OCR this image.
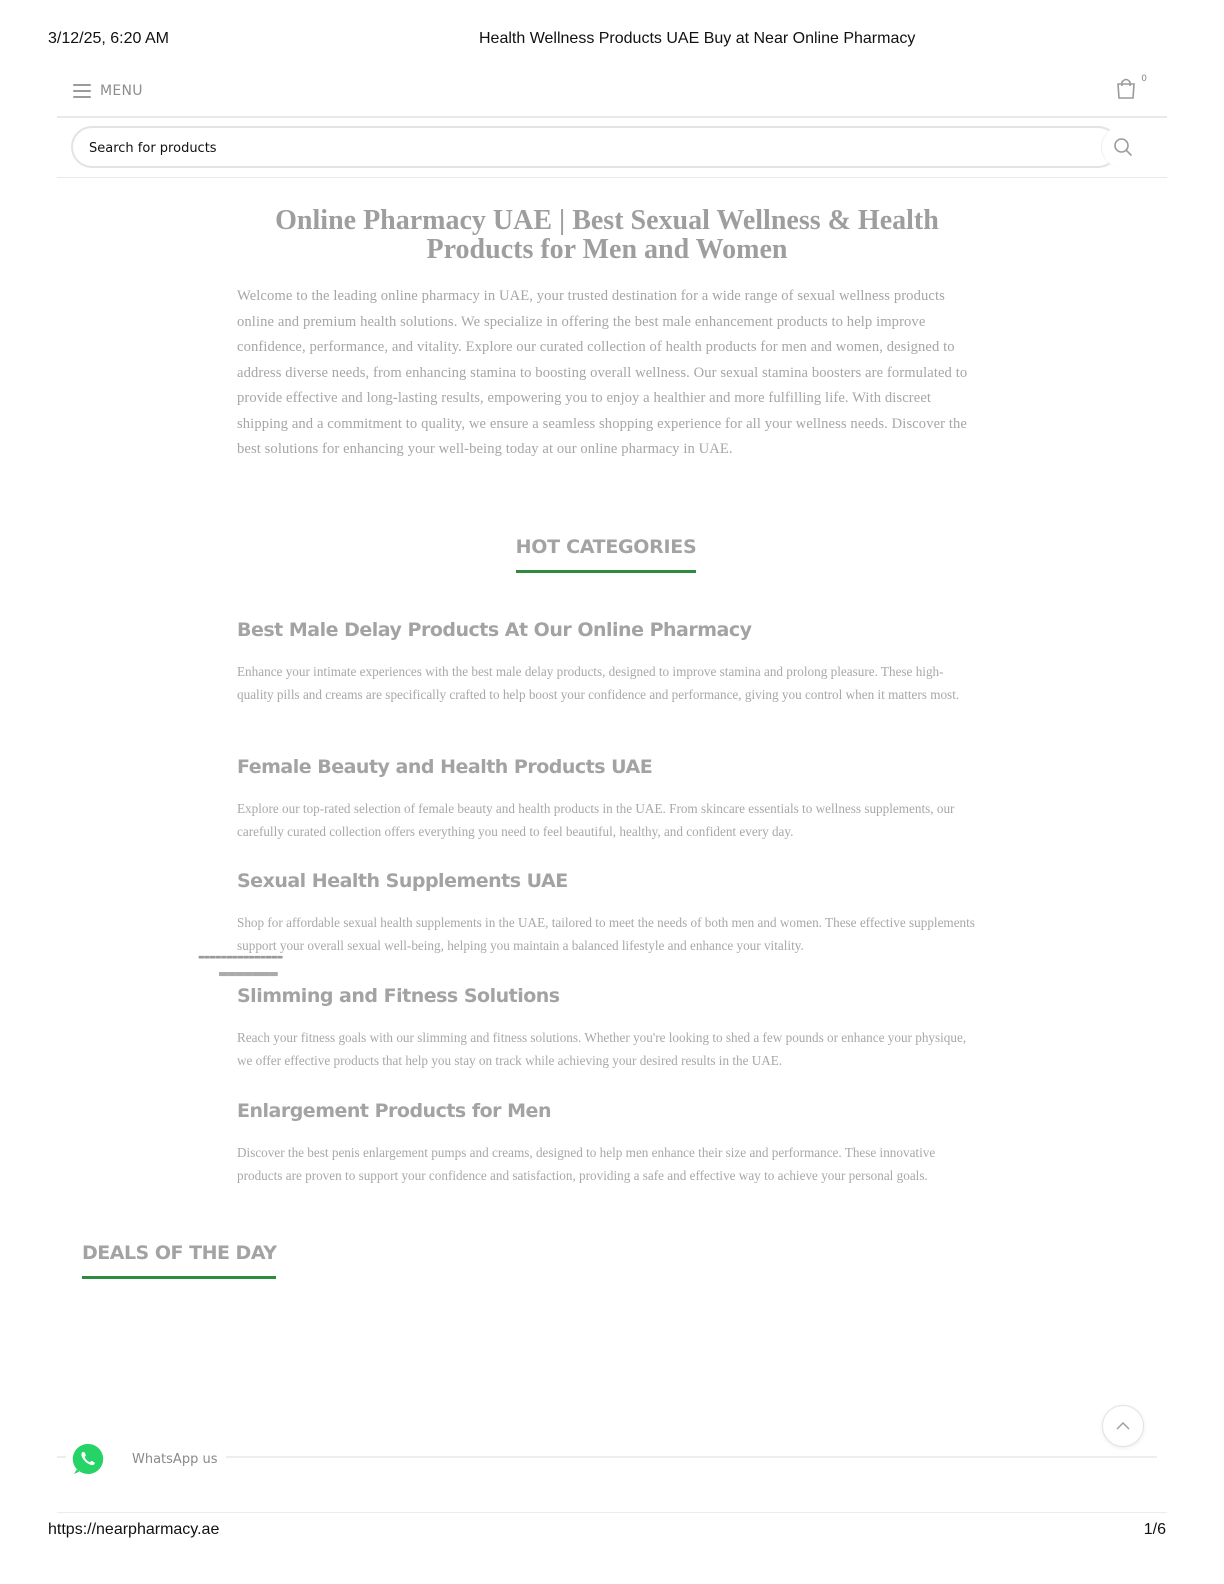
3/12/25, 6:20 AM	Health Wellness Products UAE Buy at Near Online Pharmacy
MENU
0
Search for products
Online Pharmacy UAE | Best Sexual Wellness & Health Products for Men and Women

Welcome to the leading online pharmacy in UAE, your trusted destination for a wide range of sexual wellness products online and premium health solutions. We specialize in offering the best male enhancement products to help improve confidence, performance, and vitality. Explore our curated collection of health products for men and women, designed to address diverse needs, from enhancing stamina to boosting overall wellness. Our sexual stamina boosters are formulated to provide effective and long-lasting results, empowering you to enjoy a healthier and more fulfilling life. With discreet shipping and a commitment to quality, we ensure a seamless shopping experience for all your wellness needs. Discover the best solutions for enhancing your well-being today at our online pharmacy in UAE.

HOT CATEGORIES
Best Male Delay Products At Our Online Pharmacy

Enhance your intimate experiences with the best male delay products, designed to improve stamina and prolong pleasure. These high-quality pills and creams are specifically crafted to help boost your confidence and performance, giving you control when it matters most.

Female Beauty and Health Products UAE

Explore our top-rated selection of female beauty and health products in the UAE. From skincare essentials to wellness supplements, our carefully curated collection offers everything you need to feel beautiful, healthy, and confident every day.

Sexual Health Supplements UAE

Shop for affordable sexual health supplements in the UAE, tailored to meet the needs of both men and women. These effective supplements support your overall sexual well-being, helping you maintain a balanced lifestyle and enhance your vitality.

▬▬▬▬▬▬▬▬▬▬▬▬▬▬▬
▬▬▬▬▬▬▬
Slimming and Fitness Solutions

Reach your fitness goals with our slimming and fitness solutions. Whether you're looking to shed a few pounds or enhance your physique, we offer effective products that help you stay on track while achieving your desired results in the UAE.

Enlargement Products for Men

Discover the best penis enlargement pumps and creams, designed to help men enhance their size and performance. These innovative products are proven to support your confidence and satisfaction, providing a safe and effective way to achieve your personal goals.

DEALS OF THE DAY
WhatsApp us
https://nearpharmacy.ae	1/6
